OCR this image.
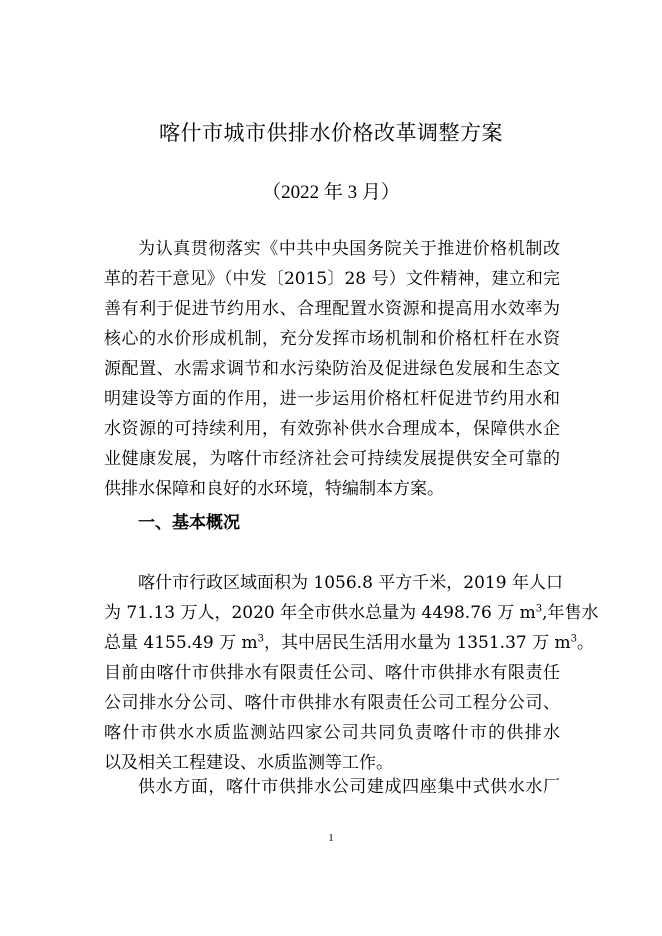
喀什市城市供排水价格改革调整方案
（2022 年 3 月）
为认真贯彻落实《中共中央国务院关于推进价格机制改
革的若干意见》（中发〔2015〕28 号）文件精神，建立和完
善有利于促进节约用水、合理配置水资源和提高用水效率为
核心的水价形成机制，充分发挥市场机制和价格杠杆在水资
源配置、水需求调节和水污染防治及促进绿色发展和生态文
明建设等方面的作用，进一步运用价格杠杆促进节约用水和
水资源的可持续利用，有效弥补供水合理成本，保障供水企
业健康发展，为喀什市经济社会可持续发展提供安全可靠的
供排水保障和良好的水环境，特编制本方案。
一、基本概况
喀什市行政区域面积为 1056.8 平方千米，2019 年人口
为 71.13 万人，2020 年全市供水总量为 4498.76 万 $m^3$,年售水
总量 4155.49 万 $m^3$，其中居民生活用水量为 1351.37 万 $m^3$。
目前由喀什市供排水有限责任公司、喀什市供排水有限责任
公司排水分公司、喀什市供排水有限责任公司工程分公司、
喀什市供水水质监测站四家公司共同负责喀什市的供排水
以及相关工程建设、水质监测等工作。
供水方面，喀什市供排水公司建成四座集中式供水水厂
1
